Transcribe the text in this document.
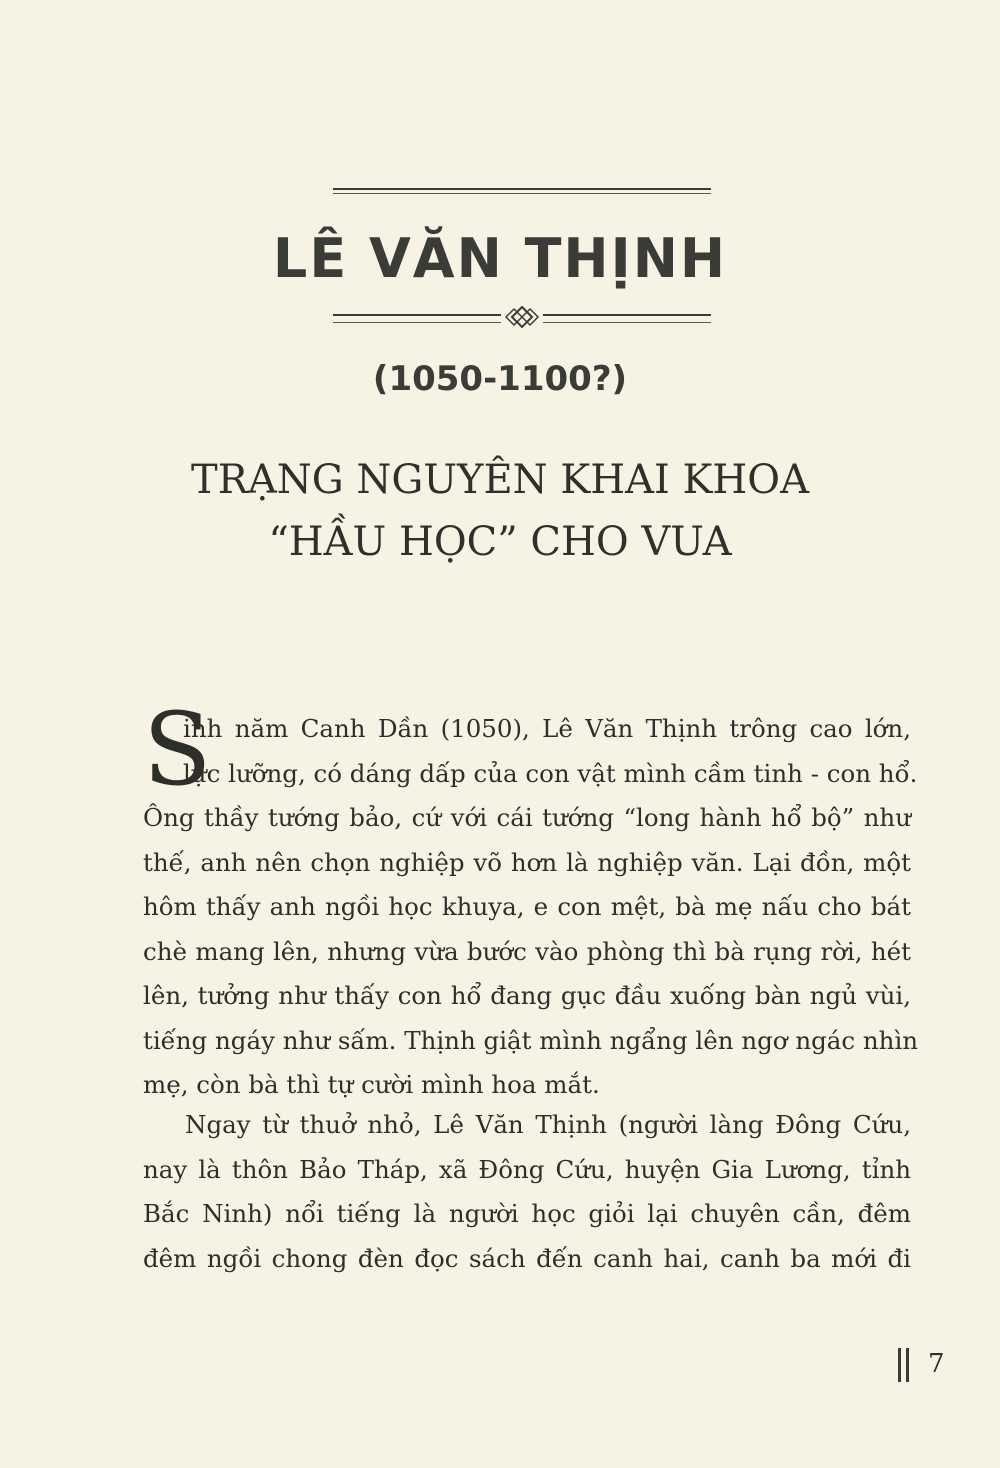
LÊ VĂN THỊNH
(1050-1100?)
TRẠNG NGUYÊN KHAI KHOA
“HẦU HỌC” CHO VUA
S
inh năm Canh Dần (1050), Lê Văn Thịnh trông cao lớn,
lực lưỡng, có dáng dấp của con vật mình cầm tinh - con hổ.
Ông thầy tướng bảo, cứ với cái tướng “long hành hổ bộ” như
thế, anh nên chọn nghiệp võ hơn là nghiệp văn. Lại đồn, một
hôm thấy anh ngồi học khuya, e con mệt, bà mẹ nấu cho bát
chè mang lên, nhưng vừa bước vào phòng thì bà rụng rời, hét
lên, tưởng như thấy con hổ đang gục đầu xuống bàn ngủ vùi,
tiếng ngáy như sấm. Thịnh giật mình ngẩng lên ngơ ngác nhìn
mẹ, còn bà thì tự cười mình hoa mắt.
Ngay từ thuở nhỏ, Lê Văn Thịnh (người làng Đông Cứu,
nay là thôn Bảo Tháp, xã Đông Cứu, huyện Gia Lương, tỉnh
Bắc Ninh) nổi tiếng là người học giỏi lại chuyên cần, đêm
đêm ngồi chong đèn đọc sách đến canh hai, canh ba mới đi
7
